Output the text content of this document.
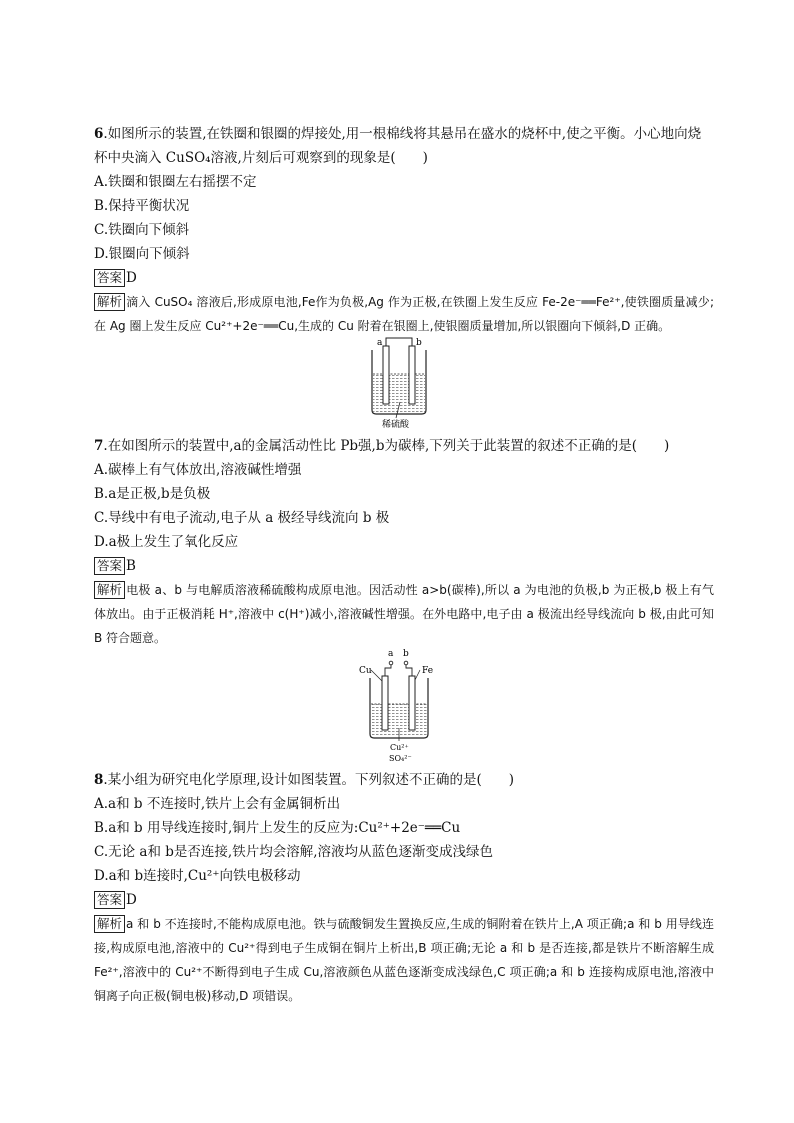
6.如图所示的装置,在铁圈和银圈的焊接处,用一根棉线将其悬吊在盛水的烧杯中,使之平衡。小心地向烧杯中央滴入 CuSO₄溶液,片刻后可观察到的现象是(　　)

A.铁圈和银圈左右摇摆不定

B.保持平衡状况

C.铁圈向下倾斜

D.银圈向下倾斜

答案 D

解析 滴入 CuSO₄ 溶液后,形成原电池,Fe作为负极,Ag 作为正极,在铁圈上发生反应 Fe-2e⁻══Fe²⁺,使铁圈质量减少;在 Ag 圈上发生反应 Cu²⁺+2e⁻══Cu,生成的 Cu 附着在银圈上,使银圈质量增加,所以银圈向下倾斜,D 正确。

a	b
稀硫酸

7.在如图所示的装置中,a的金属活动性比 Pb强,b为碳棒,下列关于此装置的叙述不正确的是(　　)

A.碳棒上有气体放出,溶液碱性增强

B.a是正极,b是负极

C.导线中有电子流动,电子从 a 极经导线流向 b 极

D.a极上发生了氧化反应

答案 B

解析 电极 a、b 与电解质溶液稀硫酸构成原电池。因活动性 a>b(碳棒),所以 a 为电池的负极,b 为正极,b 极上有气体放出。由于正极消耗 H⁺,溶液中 c(H⁺)减小,溶液碱性增强。在外电路中,电子由 a 极流出经导线流向 b 极,由此可知 B 符合题意。

a b
Cu	Fe
Cu²⁺
SO₄²⁻

8.某小组为研究电化学原理,设计如图装置。下列叙述不正确的是(　　)

A.a和 b 不连接时,铁片上会有金属铜析出

B.a和 b 用导线连接时,铜片上发生的反应为:Cu²⁺+2e⁻══Cu

C.无论 a和 b是否连接,铁片均会溶解,溶液均从蓝色逐渐变成浅绿色

D.a和 b连接时,Cu²⁺向铁电极移动

答案 D

解析 a 和 b 不连接时,不能构成原电池。铁与硫酸铜发生置换反应,生成的铜附着在铁片上,A 项正确;a 和 b 用导线连接,构成原电池,溶液中的 Cu²⁺得到电子生成铜在铜片上析出,B 项正确;无论 a 和 b 是否连接,都是铁片不断溶解生成 Fe²⁺,溶液中的 Cu²⁺不断得到电子生成 Cu,溶液颜色从蓝色逐渐变成浅绿色,C 项正确;a 和 b 连接构成原电池,溶液中铜离子向正极(铜电极)移动,D 项错误。
